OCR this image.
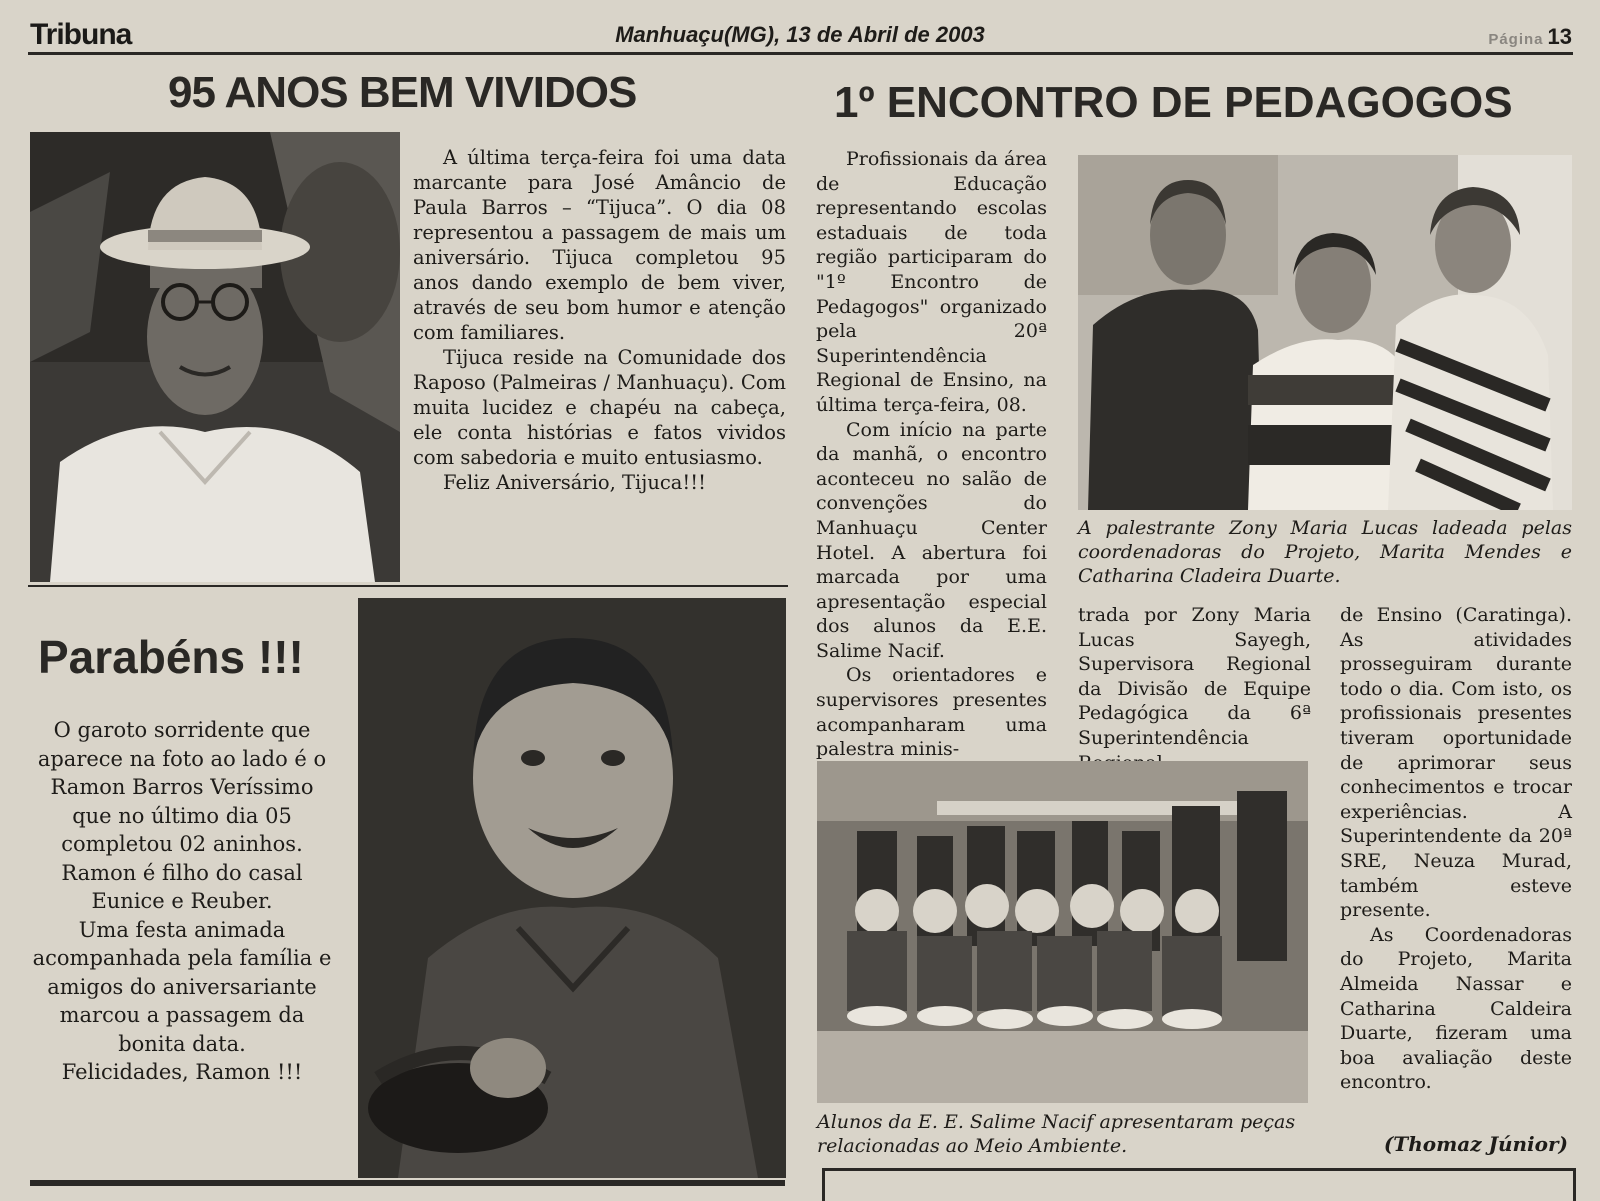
Tribuna	Manhuaçu(MG), 13 de Abril de 2003	Página 13
95 ANOS BEM VIVIDOS

A última terça-feira foi uma data marcante para José Amâncio de Paula Barros – “Tijuca”. O dia 08 representou a passagem de mais um aniversário. Tijuca completou 95 anos dando exemplo de bem viver, através de seu bom humor e atenção com familiares.

Tijuca reside na Comunidade dos Raposo (Palmeiras / Manhuaçu). Com muita lucidez e chapéu na cabeça, ele conta histórias e fatos vividos com sabedoria e muito entusiasmo.

Feliz Aniversário, Tijuca!!!

Parabéns !!!

O garoto sorridente que aparece na foto ao lado é o Ramon Barros Veríssimo que no último dia 05 completou 02 aninhos. Ramon é filho do casal Eunice e Reuber.

Uma festa animada acompanhada pela família e amigos do aniversariante marcou a passagem da bonita data.

Felicidades, Ramon !!!

1º ENCONTRO DE PEDAGOGOS

Profissionais da área de Educação representando escolas estaduais de toda região participaram do "1º Encontro de Pedagogos" organizado pela 20ª Superintendência Regional de Ensino, na última terça-feira, 08.

Com início na parte da manhã, o encontro aconteceu no salão de convenções do Manhuaçu Center Hotel. A abertura foi marcada por uma apresentação especial dos alunos da E.E. Salime Nacif.

Os orientadores e supervisores presentes acompanharam uma palestra minis-

A palestrante Zony Maria Lucas ladeada pelas coordenadoras do Projeto, Marita Mendes e Catharina Cladeira Duarte.

trada por Zony Maria Lucas Sayegh, Supervisora Regional da Divisão de Equipe Pedagógica da 6ª Superintendência

Alunos da E. E. Salime Nacif apresentaram peças relacionadas ao Meio Ambiente.

de Ensino (Caratinga). As atividades prosseguiram durante todo o dia. Com isto, os profissionais presentes tiveram oportunidade de aprimorar seus conhecimentos e trocar experiências. A Superintendente da 20ª SRE, Neuza Murad, também esteve presente.

As Coordenadoras do Projeto, Marita Almeida Nassar e Catharina Caldeira Duarte, fizeram uma boa avaliação deste encontro.

(Thomaz Júnior)
